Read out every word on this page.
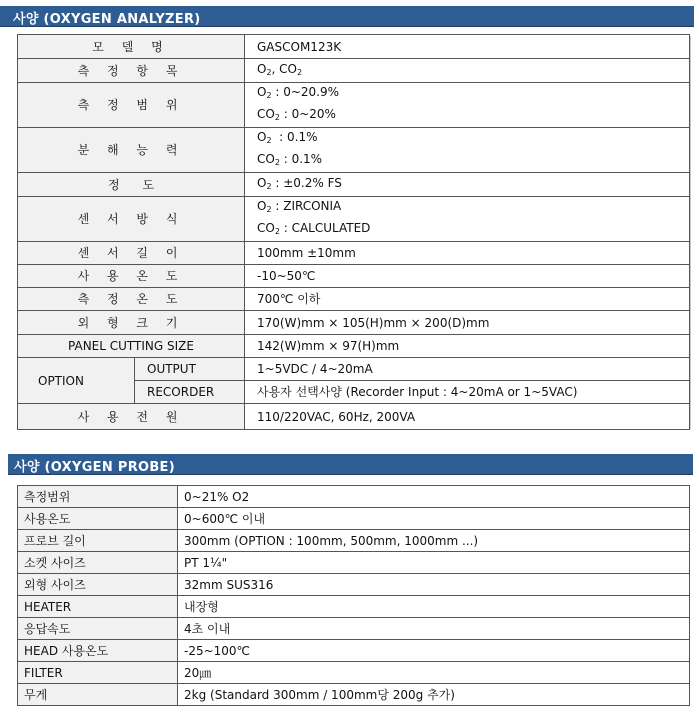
사양 (OXYGEN ANALYZER)
모 델 명		GASCOM123K
측 정 항 목		O2, CO2
측 정 범 위		O2 : 0~20.9%
CO2 : 0~20%

분 해 능 력		O2  : 0.1%
CO2 : 0.1%

정      도		O2 : ±0.2% FS
센 서 방 식		O2 : ZIRCONIA
CO2 : CALCULATED

센 서 길 이		100mm ±10mm
사 용 온 도		-10~50℃
측 정 온 도		700℃ 이하
외 형 크 기		170(W)mm × 105(H)mm × 200(D)mm
PANEL CUTTING SIZE		142(W)mm × 97(H)mm
OPTION	OUTPUT	1~5VDC / 4~20mA
	RECORDER	사용자 선택사양 (Recorder Input : 4~20mA or 1~5VAC)
사 용 전 원		110/220VAC, 60Hz, 200VA
사양 (OXYGEN PROBE)
측정범위	0~21% O2
사용온도	0~600℃ 이내
프로브 길이	300mm (OPTION : 100mm, 500mm, 1000mm ...)
소켓 사이즈	PT 1¼"
외형 사이즈	32mm SUS316
HEATER	내장형
응답속도	4초 이내
HEAD 사용온도	-25~100℃
FILTER	20㎛
무게	2kg (Standard 300mm / 100mm당 200g 추가)
